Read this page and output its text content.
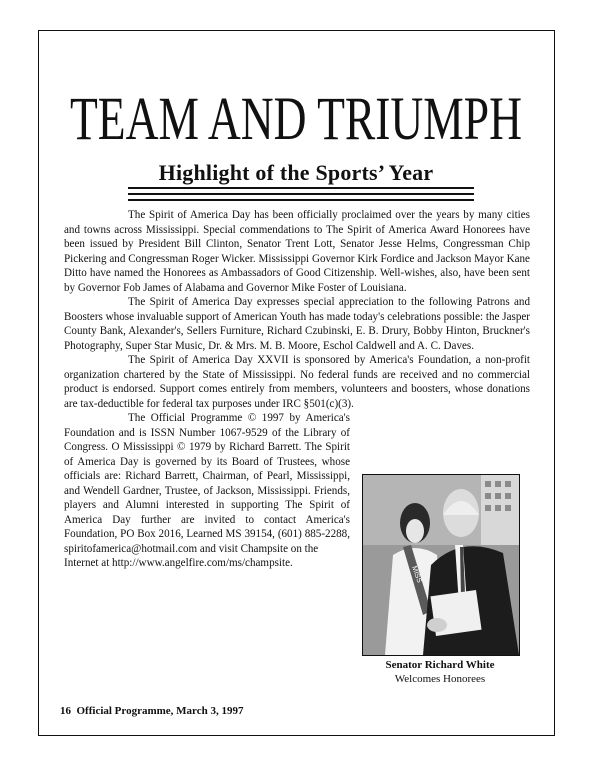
TEAM AND TRIUMPH
Highlight of the Sports’ Year

The Spirit of America Day has been officially proclaimed over the years by many cities and towns across Mississippi. Special commendations to The Spirit of America Award Honorees have been issued by President Bill Clinton, Senator Trent Lott, Senator Jesse Helms, Congressman Chip Pickering and Congressman Roger Wicker. Mississippi Governor Kirk Fordice and Jackson Mayor Kane Ditto have named the Honorees as Ambassadors of Good Citizenship. Well-wishes, also, have been sent by Governor Fob James of Alabama and Governor Mike Foster of Louisiana.

The Spirit of America Day expresses special appreciation to the following Patrons and Boosters whose invaluable support of American Youth has made today's celebrations possible: the Jasper County Bank, Alexander's, Sellers Furniture, Richard Czubinski, E. B. Drury, Bobby Hinton, Bruckner's Photography, Super Star Music, Dr. & Mrs. M. B. Moore, Eschol Caldwell and A. C. Daves.

The Spirit of America Day XXVII is sponsored by America's Foundation, a non-profit organization chartered by the State of Mississippi. No federal funds are received and no commercial product is endorsed. Support comes entirely from members, volunteers and boosters, whose donations are tax-deductible for federal tax purposes under IRC §501(c)(3).

The Official Programme © 1997 by America's Foundation and is ISSN Number 1067-9529 of the Library of Congress. O Mississippi © 1979 by Richard Barrett. The Spirit of America Day is governed by its Board of Trustees, whose officials are: Richard Barrett, Chairman, of Pearl, Mississippi, and Wendell Gardner, Trustee, of Jackson, Mississippi. Friends, players and Alumni interested in supporting The Spirit of America Day further are invited to contact America's Foundation, PO Box 2016, Learned MS 39154, (601) 885-2288, spiritofamerica@hotmail.com and visit Champsite on the

Internet at http://www.angelfire.com/ms/champsite.

MISS
Senator Richard White
Welcomes Honorees
16  Official Programme, March 3, 1997
